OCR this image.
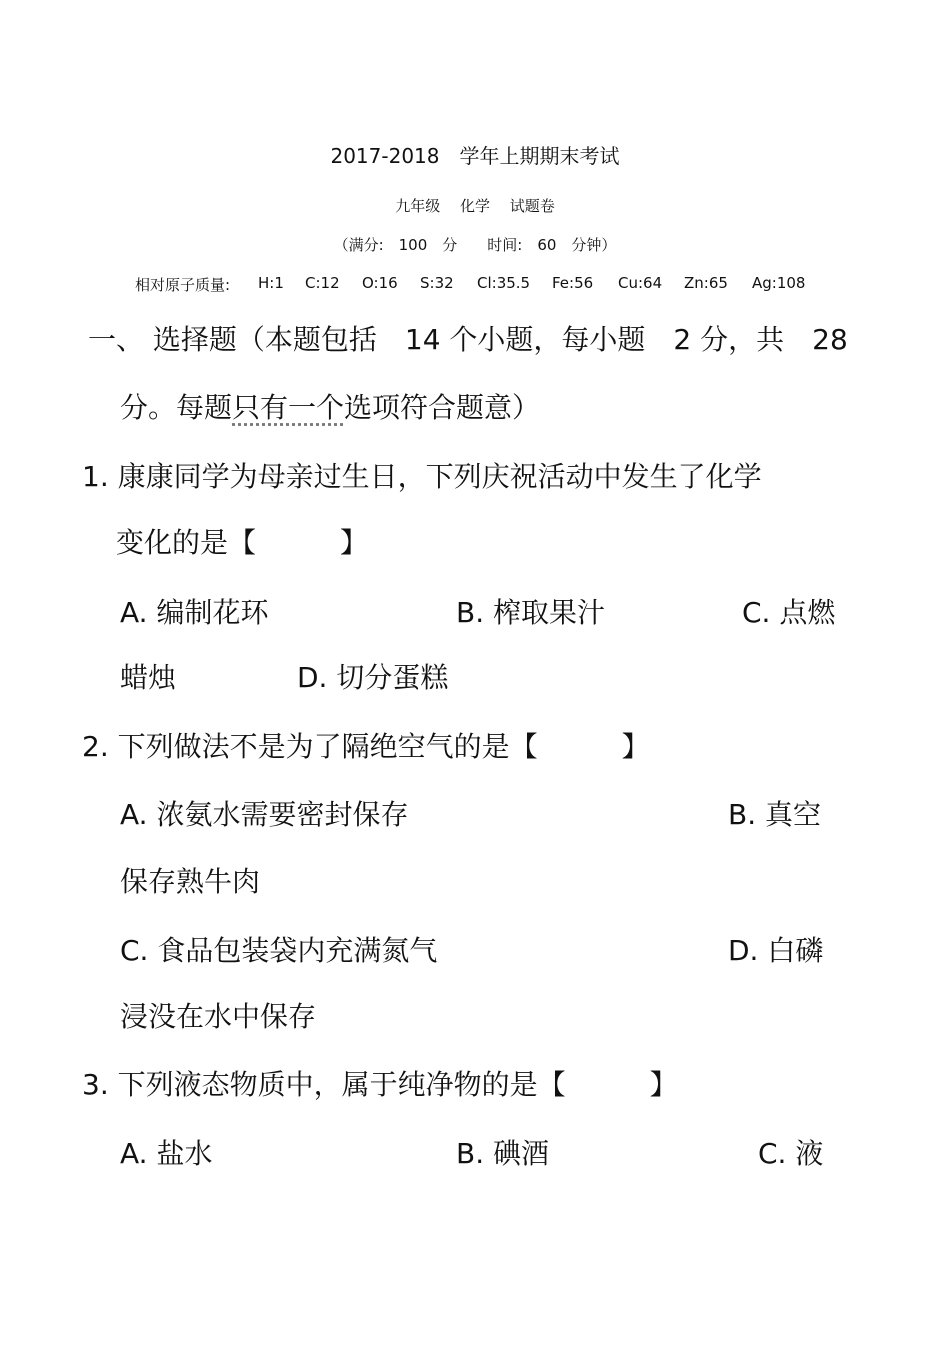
2017-2018　学年上期期末考试
九年级　 化学　 试题卷
（满分:　100　分　　时间:　60　分钟）
相对原子质量: H:1 C:12 O:16 S:32 Cl:35.5 Fe:56 Cu:64 Zn:65 Ag:108
一、 选择题（本题包括　14 个小题，每小题　2 分，共　28
分。每题只有一个选项符合题意）
1. 康康同学为母亲过生日，下列庆祝活动中发生了化学
变化的是【　　　】
A. 编制花环	B. 榨取果汁	C. 点燃
蜡烛	D. 切分蛋糕
2. 下列做法不是为了隔绝空气的是【　　　】
A. 浓氨水需要密封保存	B. 真空
保存熟牛肉
C. 食品包装袋内充满氮气	D. 白磷
浸没在水中保存
3. 下列液态物质中，属于纯净物的是【　　　】
A. 盐水	B. 碘酒	C. 液
